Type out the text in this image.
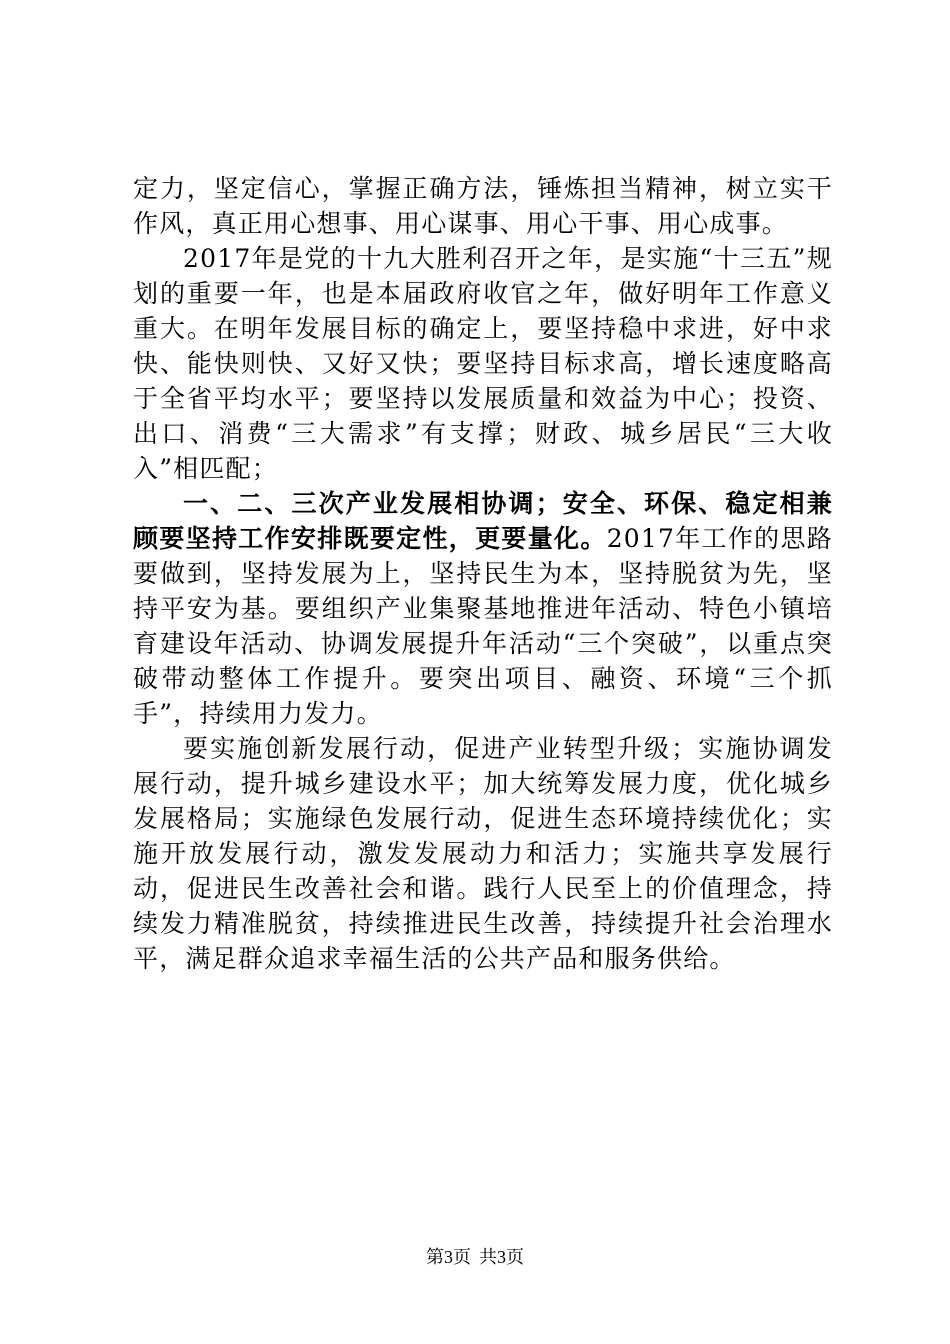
定力，坚定信心，掌握正确方法，锤炼担当精神，树立实干作风，真正用心想事、用心谋事、用心干事、用心成事。

2017年是党的十九大胜利召开之年，是实施“十三五”规划的重要一年，也是本届政府收官之年，做好明年工作意义重大。在明年发展目标的确定上，要坚持稳中求进，好中求快、能快则快、又好又快；要坚持目标求高，增长速度略高于全省平均水平；要坚持以发展质量和效益为中心；投资、出口、消费“三大需求”有支撑；财政、城乡居民“三大收入”相匹配；

一、二、三次产业发展相协调；安全、环保、稳定相兼顾要坚持工作安排既要定性，更要量化。2017年工作的思路要做到，坚持发展为上，坚持民生为本，坚持脱贫为先，坚持平安为基。要组织产业集聚基地推进年活动、特色小镇培育建设年活动、协调发展提升年活动“三个突破”，以重点突破带动整体工作提升。要突出项目、融资、环境“三个抓手”，持续用力发力。

要实施创新发展行动，促进产业转型升级；实施协调发展行动，提升城乡建设水平；加大统筹发展力度，优化城乡发展格局；实施绿色发展行动，促进生态环境持续优化；实施开放发展行动，激发发展动力和活力；实施共享发展行动，促进民生改善社会和谐。践行人民至上的价值理念，持续发力精准脱贫，持续推进民生改善，持续提升社会治理水平，满足群众追求幸福生活的公共产品和服务供给。

第3页 共3页
